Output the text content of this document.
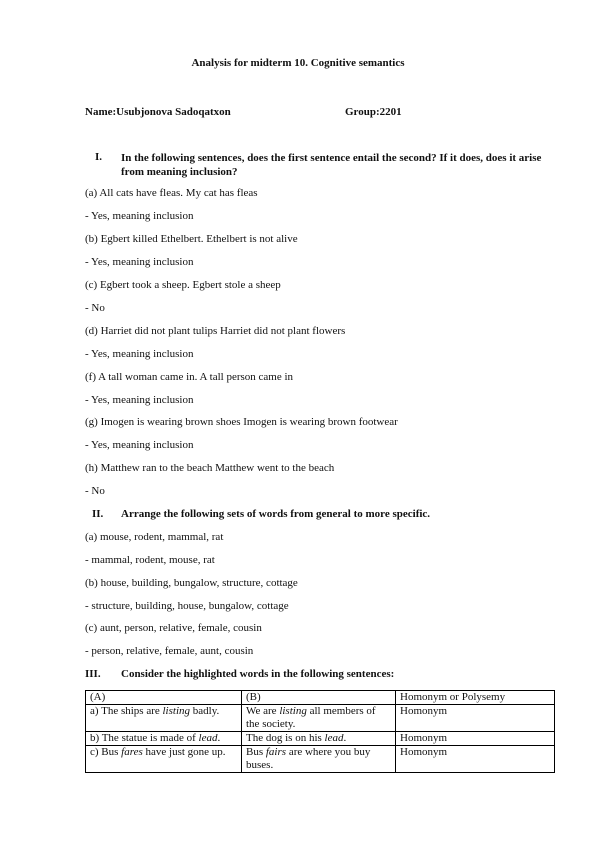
Analysis for midterm 10. Cognitive semantics
Name:Usubjonova Sadoqatxon	Group:2201
I. In the following sentences, does the first sentence entail the second? If it does, does it arise from meaning inclusion?
(a) All cats have fleas. My cat has fleas
- Yes, meaning inclusion
(b) Egbert killed Ethelbert. Ethelbert is not alive
- Yes, meaning inclusion
(c) Egbert took a sheep. Egbert stole a sheep
- No
(d) Harriet did not plant tulips Harriet did not plant flowers
- Yes, meaning inclusion
(f) A tall woman came in. A tall person came in
- Yes, meaning inclusion
(g) Imogen is wearing brown shoes Imogen is wearing brown footwear
- Yes, meaning inclusion
(h) Matthew ran to the beach Matthew went to the beach
- No
II. Arrange the following sets of words from general to more specific.
(a) mouse, rodent, mammal, rat
- mammal, rodent, mouse, rat
(b) house, building, bungalow, structure, cottage
- structure, building, house, bungalow, cottage
(c) aunt, person, relative, female, cousin
- person, relative, female, aunt, cousin
III. Consider the highlighted words in the following sentences:
(A)	(B)	Homonym or Polysemy
a) The ships are listing badly.	We are listing all members of the society.	Homonym
b) The statue is made of lead.	The dog is on his lead.	Homonym
c) Bus fares have just gone up.	Bus fairs are where you buy buses.	Homonym
